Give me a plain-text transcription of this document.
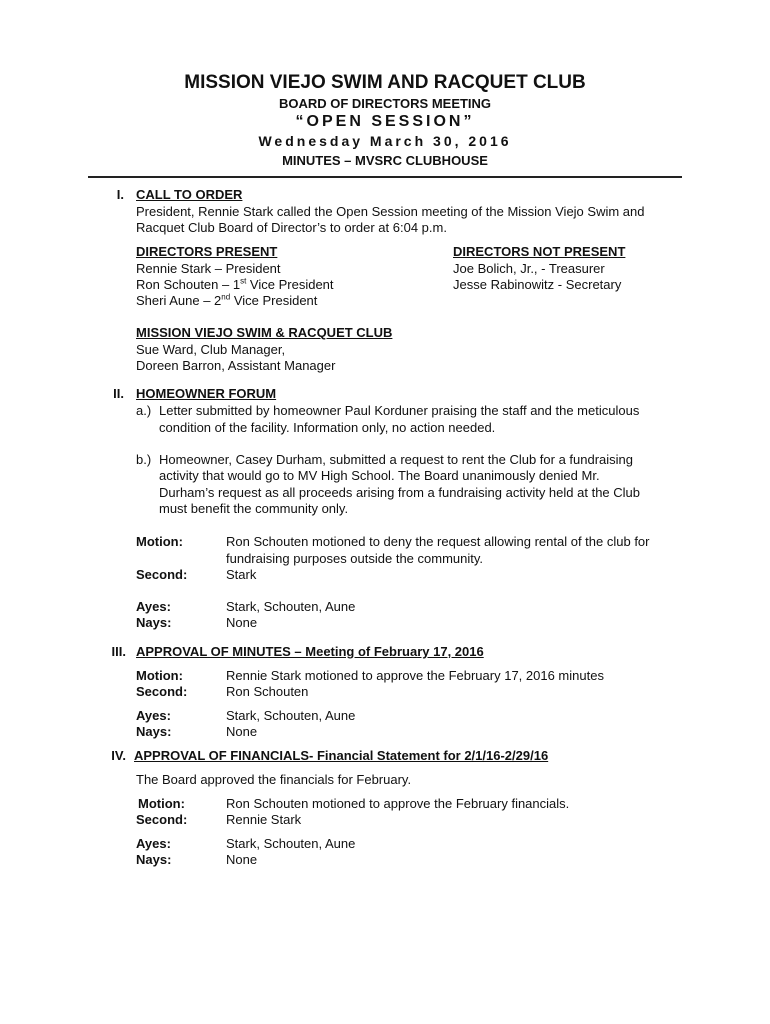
MISSION VIEJO SWIM AND RACQUET CLUB
BOARD OF DIRECTORS MEETING
“OPEN SESSION”
Wednesday March 30, 2016
MINUTES – MVSRC CLUBHOUSE
I. CALL TO ORDER
President, Rennie Stark called the Open Session meeting of the Mission Viejo Swim and
Racquet Club Board of Director’s to order at 6:04 p.m.
DIRECTORS PRESENT
Rennie Stark – President
Ron Schouten – 1st Vice President
Sheri Aune – 2nd Vice President
DIRECTORS NOT PRESENT
Joe Bolich, Jr., - Treasurer
Jesse Rabinowitz - Secretary
MISSION VIEJO SWIM & RACQUET CLUB
Sue Ward, Club Manager,
Doreen Barron, Assistant Manager
II. HOMEOWNER FORUM
a.) Letter submitted by homeowner Paul Korduner praising the staff and the meticulous
condition of the facility. Information only, no action needed.
b.) Homeowner, Casey Durham, submitted a request to rent the Club for a fundraising
activity that would go to MV High School. The Board unanimously denied Mr.
Durham’s request as all proceeds arising from a fundraising activity held at the Club
must benefit the community only.
Motion:	Ron Schouten motioned to deny the request allowing rental of the club for
fundraising purposes outside the community.
Second:	Stark
Ayes:	Stark, Schouten, Aune
Nays:	None
III. APPROVAL OF MINUTES – Meeting of February 17, 2016
Motion:	Rennie Stark motioned to approve the February 17, 2016 minutes
Second:	Ron Schouten
Ayes:	Stark, Schouten, Aune
Nays:	None
IV. APPROVAL OF FINANCIALS- Financial Statement for 2/1/16-2/29/16
The Board approved the financials for February.
Motion:	Ron Schouten motioned to approve the February financials.
Second:	Rennie Stark
Ayes:	Stark, Schouten, Aune
Nays:	None
